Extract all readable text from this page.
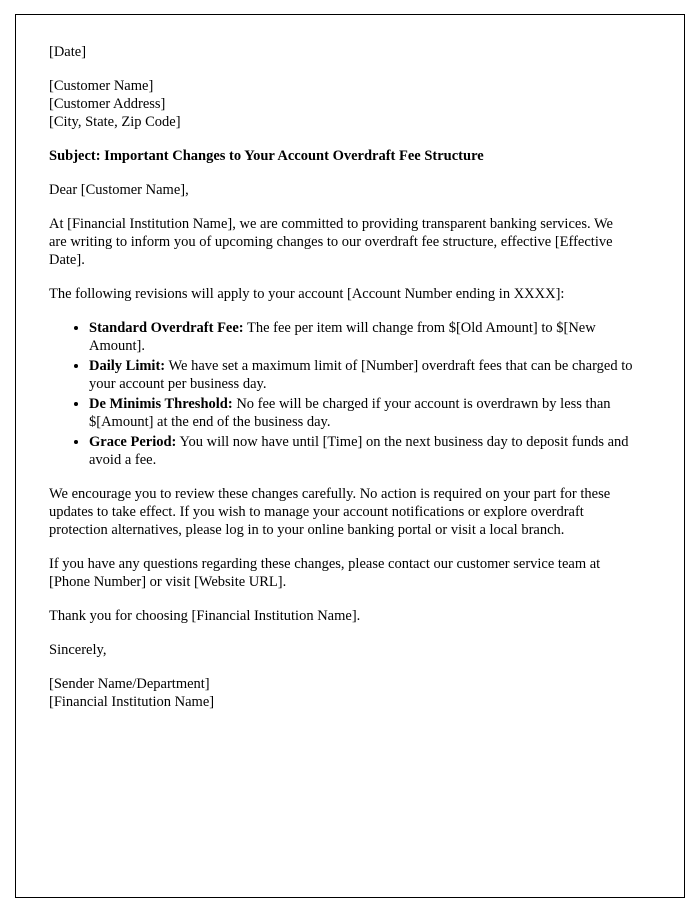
[Date]

[Customer Name]
[Customer Address]
[City, State, Zip Code]

Subject: Important Changes to Your Account Overdraft Fee Structure

Dear [Customer Name],

At [Financial Institution Name], we are committed to providing transparent banking services. We are writing to inform you of upcoming changes to our overdraft fee structure, effective [Effective Date].

The following revisions will apply to your account [Account Number ending in XXXX]:

• Standard Overdraft Fee: The fee per item will change from $[Old Amount] to $[New Amount].
• Daily Limit: We have set a maximum limit of [Number] overdraft fees that can be charged to your account per business day.
• De Minimis Threshold: No fee will be charged if your account is overdrawn by less than $[Amount] at the end of the business day.
• Grace Period: You will now have until [Time] on the next business day to deposit funds and avoid a fee.

We encourage you to review these changes carefully. No action is required on your part for these updates to take effect. If you wish to manage your account notifications or explore overdraft protection alternatives, please log in to your online banking portal or visit a local branch.

If you have any questions regarding these changes, please contact our customer service team at [Phone Number] or visit [Website URL].

Thank you for choosing [Financial Institution Name].

Sincerely,

[Sender Name/Department]
[Financial Institution Name]
